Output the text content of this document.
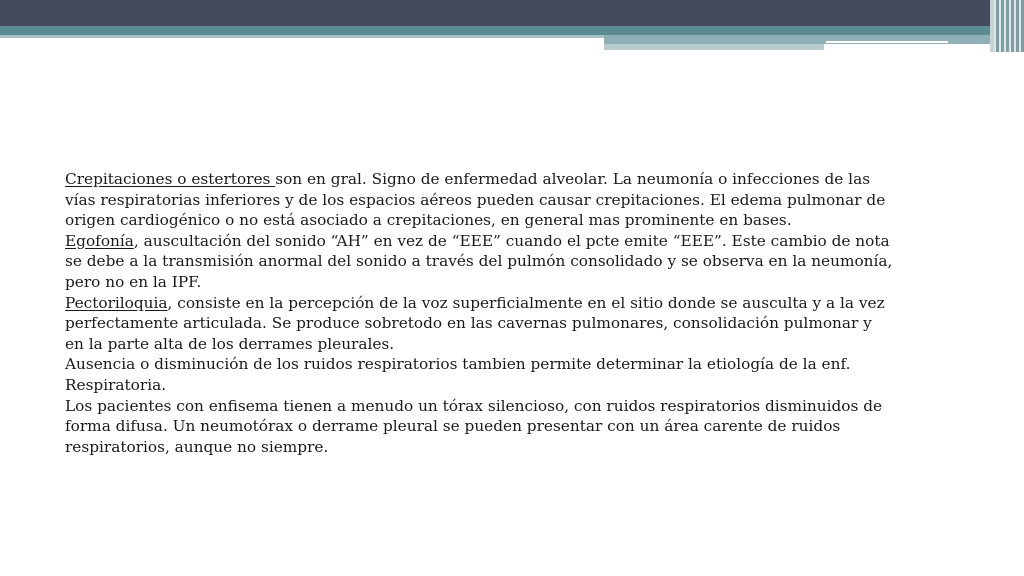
Crepitaciones o estertores son en gral. Signo de enfermedad alveolar. La neumonía o infecciones de las vías respiratorias inferiores y de los espacios aéreos pueden causar crepitaciones. El edema pulmonar de origen cardiogénico o no está asociado a crepitaciones, en general mas prominente en bases.

Egofonía, auscultación del sonido “AH” en vez de “EEE” cuando el pcte emite “EEE”. Este cambio de nota se debe a la transmisión anormal del sonido a través del pulmón consolidado y se observa en la neumonía, pero no en la IPF.

Pectoriloquia, consiste en la percepción de la voz superficialmente en el sitio donde se ausculta y a la vez perfectamente articulada. Se produce sobretodo en las cavernas pulmonares, consolidación pulmonar y en la parte alta de los derrames pleurales.

Ausencia o disminución de los ruidos respiratorios tambien permite determinar la etiología de la enf. Respiratoria.

Los pacientes con enfisema tienen a menudo un tórax silencioso, con ruidos respiratorios disminuidos de forma difusa. Un neumotórax o derrame pleural se pueden presentar con un área carente de ruidos respiratorios, aunque no siempre.
